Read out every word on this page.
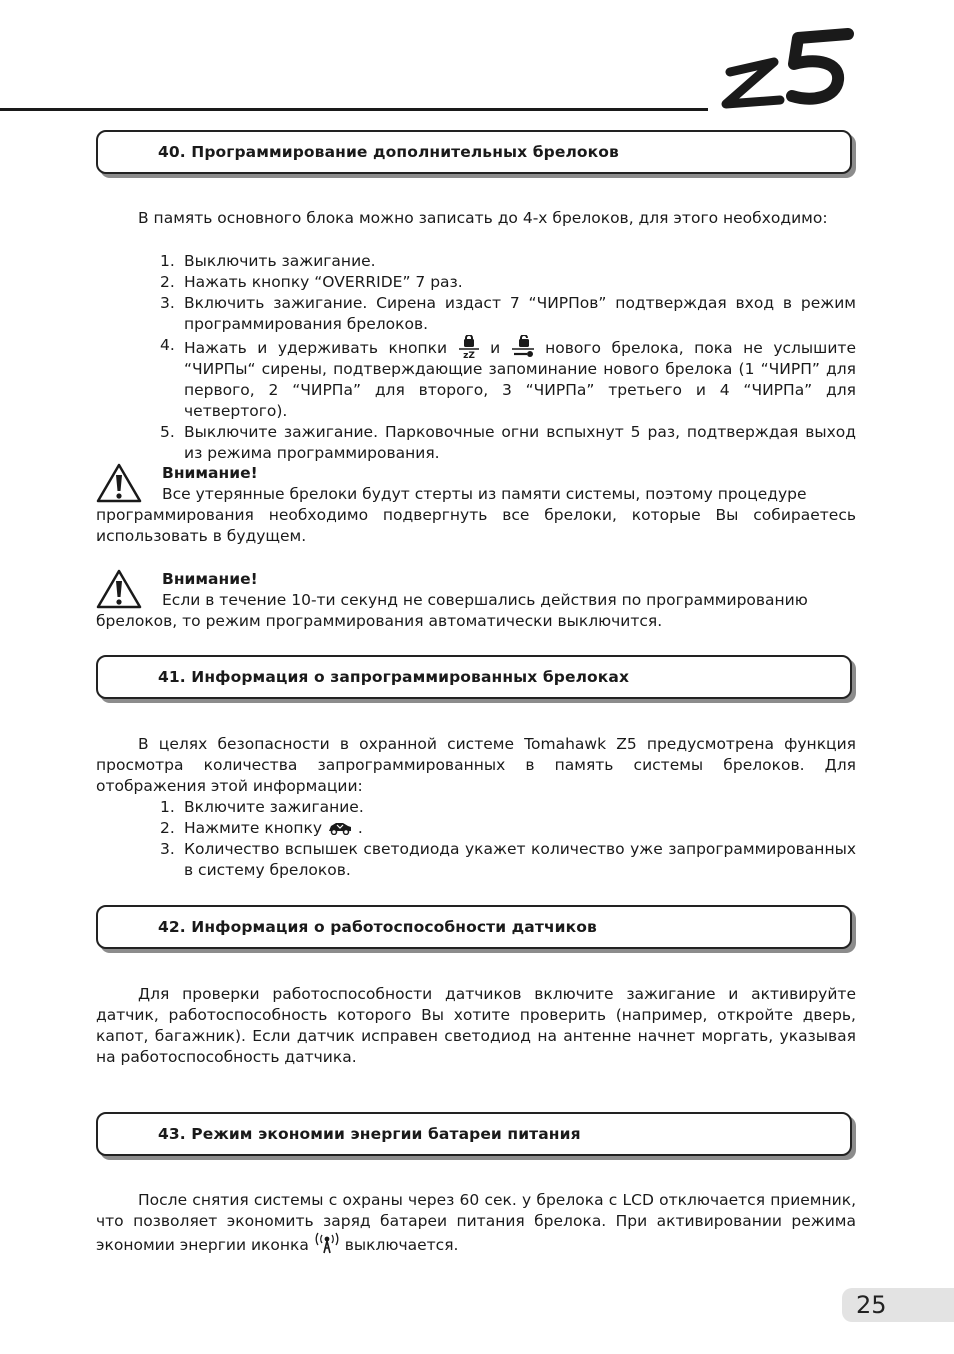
40. Программирование дополнительных брелоков

В память основного блока можно записать до 4-х брелоков, для этого необходимо:

1. Выключить зажигание.
2. Нажать кнопку “OVERRIDE” 7 раз.
3. Включить зажигание. Сирена издаст 7 “ЧИРПов” подтверждая вход в режим программирования брелоков.
4. Нажать и удерживать кнопки zZ и	нового брелока, пока не услышите “ЧИРПы“ сирены, подтверждающие запоминание нового брелока (1 “ЧИРП” для первого, 2 “ЧИРПа” для второго, 3 “ЧИРПа” третьего и 4 “ЧИРПа” для четвертого).
5. Выключите зажигание. Парковочные огни вспыхнут 5 раз, подтверждая выход из режима программирования.
Внимание!

Все утерянные брелоки будут стерты из памяти системы, поэтому процедуре программирования необходимо подвергнуть все брелоки, которые Вы собираетесь использовать в будущем.

Внимание!

Если в течение 10-ти секунд не совершались действия по программированию брелоков, то режим программирования автоматически выключится.

41. Информация о запрограммированных брелоках

В целях безопасности в охранной системе Tomahawk Z5 предусмотрена функция просмотра количества запрограммированных в память системы брелоков. Для отображения этой информации:

1. Включите зажигание.
2. Нажмите кнопку .
3. Количество вспышек светодиода укажет количество уже запрограммированных в систему брелоков.
42. Информация о работоспособности датчиков

Для проверки работоспособности датчиков включите зажигание и активируйте датчик, работоспособность которого Вы хотите проверить (например, откройте дверь, капот, багажник). Если датчик исправен светодиод на антенне начнет моргать, указывая на работоспособность датчика.

43. Режим экономии энергии батареи питания

После снятия системы с охраны через 60 сек. у брелока с LCD отключается приемник, что позволяет экономить заряд батареи питания брелока. При активировании режима экономии энергии иконка выключается.

25
